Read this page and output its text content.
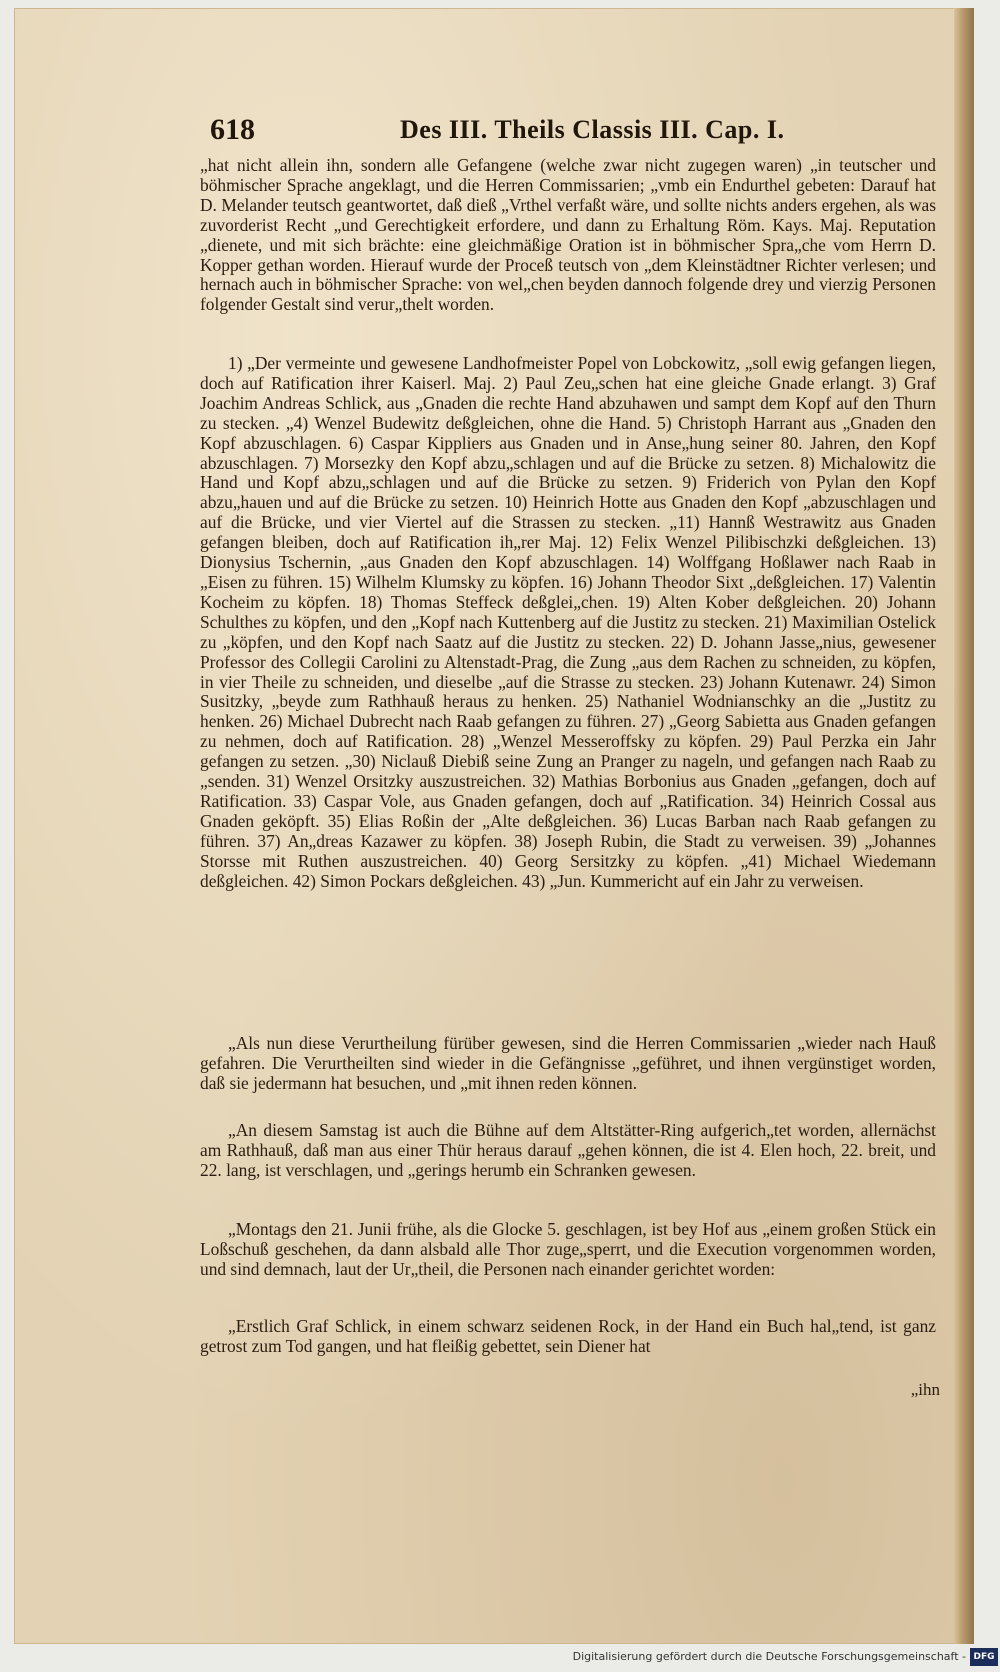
618	Des III. Theils Classis III. Cap. I.

„hat nicht allein ihn, sondern alle Gefangene (welche zwar nicht zugegen waren) „in teutscher und böhmischer Sprache angeklagt, und die Herren Commissarien; „vmb ein Endurthel gebeten: Darauf hat D. Melander teutsch geantwortet, daß dieß „Vrthel verfaßt wäre, und sollte nichts anders ergehen, als was zuvorderist Recht „und Gerechtigkeit erfordere, und dann zu Erhaltung Röm. Kays. Maj. Reputation „dienete, und mit sich brächte: eine gleichmäßige Oration ist in böhmischer Spra„che vom Herrn D. Kopper gethan worden. Hierauf wurde der Proceß teutsch von „dem Kleinstädtner Richter verlesen; und hernach auch in böhmischer Sprache: von wel„chen beyden dannoch folgende drey und vierzig Personen folgender Gestalt sind verur„thelt worden.

1) „Der vermeinte und gewesene Landhofmeister Popel von Lobckowitz, „soll ewig gefangen liegen, doch auf Ratification ihrer Kaiserl. Maj. 2) Paul Zeu„schen hat eine gleiche Gnade erlangt. 3) Graf Joachim Andreas Schlick, aus „Gnaden die rechte Hand abzuhawen und sampt dem Kopf auf den Thurn zu stecken. „4) Wenzel Budewitz deßgleichen, ohne die Hand. 5) Christoph Harrant aus „Gnaden den Kopf abzuschlagen. 6) Caspar Kippliers aus Gnaden und in Anse„hung seiner 80. Jahren, den Kopf abzuschlagen. 7) Morsezky den Kopf abzu„schlagen und auf die Brücke zu setzen. 8) Michalowitz die Hand und Kopf abzu„schlagen und auf die Brücke zu setzen. 9) Friderich von Pylan den Kopf abzu„hauen und auf die Brücke zu setzen. 10) Heinrich Hotte aus Gnaden den Kopf „abzuschlagen und auf die Brücke, und vier Viertel auf die Strassen zu stecken. „11) Hannß Westrawitz aus Gnaden gefangen bleiben, doch auf Ratification ih„rer Maj. 12) Felix Wenzel Pilibischzki deßgleichen. 13) Dionysius Tschernin, „aus Gnaden den Kopf abzuschlagen. 14) Wolffgang Hoßlawer nach Raab in „Eisen zu führen. 15) Wilhelm Klumsky zu köpfen. 16) Johann Theodor Sixt „deßgleichen. 17) Valentin Kocheim zu köpfen. 18) Thomas Steffeck deßglei„chen. 19) Alten Kober deßgleichen. 20) Johann Schulthes zu köpfen, und den „Kopf nach Kuttenberg auf die Justitz zu stecken. 21) Maximilian Ostelick zu „köpfen, und den Kopf nach Saatz auf die Justitz zu stecken. 22) D. Johann Jasse„nius, gewesener Professor des Collegii Carolini zu Altenstadt-Prag, die Zung „aus dem Rachen zu schneiden, zu köpfen, in vier Theile zu schneiden, und dieselbe „auf die Strasse zu stecken. 23) Johann Kutenawr. 24) Simon Susitzky, „beyde zum Rathhauß heraus zu henken. 25) Nathaniel Wodnianschky an die „Justitz zu henken. 26) Michael Dubrecht nach Raab gefangen zu führen. 27) „Georg Sabietta aus Gnaden gefangen zu nehmen, doch auf Ratification. 28) „Wenzel Messeroffsky zu köpfen. 29) Paul Perzka ein Jahr gefangen zu setzen. „30) Niclauß Diebiß seine Zung an Pranger zu nageln, und gefangen nach Raab zu „senden. 31) Wenzel Orsitzky auszustreichen. 32) Mathias Borbonius aus Gnaden „gefangen, doch auf Ratification. 33) Caspar Vole, aus Gnaden gefangen, doch auf „Ratification. 34) Heinrich Cossal aus Gnaden geköpft. 35) Elias Roßin der „Alte deßgleichen. 36) Lucas Barban nach Raab gefangen zu führen. 37) An„dreas Kazawer zu köpfen. 38) Joseph Rubin, die Stadt zu verweisen. 39) „Johannes Storsse mit Ruthen auszustreichen. 40) Georg Sersitzky zu köpfen. „41) Michael Wiedemann deßgleichen. 42) Simon Pockars deßgleichen. 43) „Jun. Kummericht auf ein Jahr zu verweisen.

„Als nun diese Verurtheilung fürüber gewesen, sind die Herren Commissarien „wieder nach Hauß gefahren. Die Verurtheilten sind wieder in die Gefängnisse „geführet, und ihnen vergünstiget worden, daß sie jedermann hat besuchen, und „mit ihnen reden können.

„An diesem Samstag ist auch die Bühne auf dem Altstätter-Ring aufgerich„tet worden, allernächst am Rathhauß, daß man aus einer Thür heraus darauf „gehen können, die ist 4. Elen hoch, 22. breit, und 22. lang, ist verschlagen, und „gerings herumb ein Schranken gewesen.

„Montags den 21. Junii frühe, als die Glocke 5. geschlagen, ist bey Hof aus „einem großen Stück ein Loßschuß geschehen, da dann alsbald alle Thor zuge„sperrt, und die Execution vorgenommen worden, und sind demnach, laut der Ur„theil, die Personen nach einander gerichtet worden:

„Erstlich Graf Schlick, in einem schwarz seidenen Rock, in der Hand ein Buch hal„tend, ist ganz getrost zum Tod gangen, und hat fleißig gebettet, sein Diener hat

„ihn
Digitalisierung gefördert durch die Deutsche Forschungsgemeinschaft - DFG
